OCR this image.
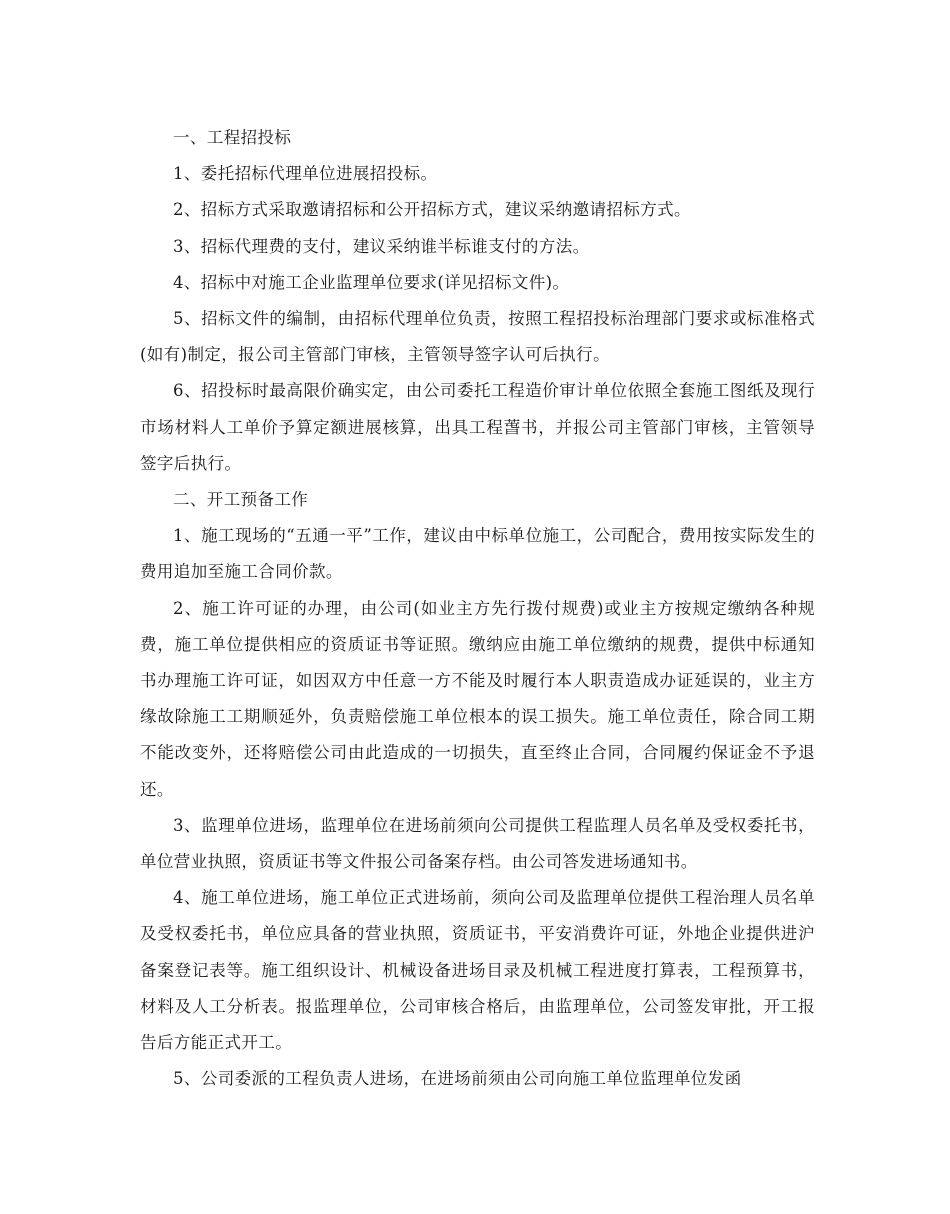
一、工程招投标

1、委托招标代理单位进展招投标。

2、招标方式采取邀请招标和公开招标方式，建议采纳邀请招标方式。

3、招标代理费的支付，建议采纳谁半标谁支付的方法。

4、招标中对施工企业监理单位要求(详见招标文件)。

5、招标文件的编制，由招标代理单位负责，按照工程招投标治理部门要求或标准格式(如有)制定，报公司主管部门审核，主管领导签字认可后执行。

6、招投标时最高限价确实定，由公司委托工程造价审计单位依照全套施工图纸及现行市场材料人工单价予算定额进展核算，出具工程萅书，并报公司主管部门审核，主管领导签字后执行。

二、开工预备工作

1、施工现场的“五通一平”工作，建议由中标单位施工，公司配合，费用按实际发生的费用追加至施工合同价款。

2、施工许可证的办理，由公司(如业主方先行拨付规费)或业主方按规定缴纳各种规费，施工单位提供相应的资质证书等证照。缴纳应由施工单位缴纳的规费，提供中标通知书办理施工许可证，如因双方中任意一方不能及时履行本人职责造成办证延误的，业主方缘故除施工工期顺延外，负责赔偿施工单位根本的误工损失。施工单位责任，除合同工期不能改变外，还将赔偿公司由此造成的一切损失，直至终止合同，合同履约保证金不予退还。

3、监理单位进场，监理单位在进场前须向公司提供工程监理人员名单及受权委托书，单位营业执照，资质证书等文件报公司备案存档。由公司答发进场通知书。

4、施工单位进场，施工单位正式进场前，须向公司及监理单位提供工程治理人员名单及受权委托书，单位应具备的营业执照，资质证书，平安消费许可证，外地企业提供进沪备案登记表等。施工组织设计、机械设备进场目录及机械工程进度打算表，工程预算书，材料及人工分析表。报监理单位，公司审核合格后，由监理单位，公司签发审批，开工报告后方能正式开工。

5、公司委派的工程负责人进场，在进场前须由公司向施工单位监理单位发函
